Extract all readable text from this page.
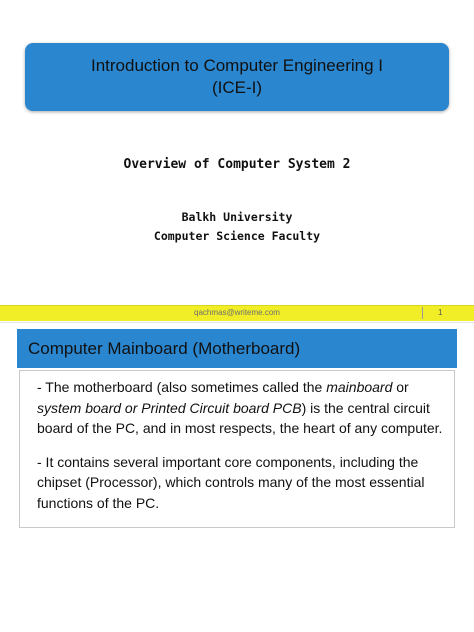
Introduction to Computer Engineering I
(ICE-I)
Overview of Computer System 2
Balkh University
Computer Science Faculty
qachmas@writeme.com	1
Computer Mainboard (Motherboard)

- The motherboard (also sometimes called the mainboard or system board or Printed Circuit board PCB) is the central circuit board of the PC, and in most respects, the heart of any computer.

- It contains several important core components, including the chipset (Processor), which controls many of the most essential functions of the PC.
